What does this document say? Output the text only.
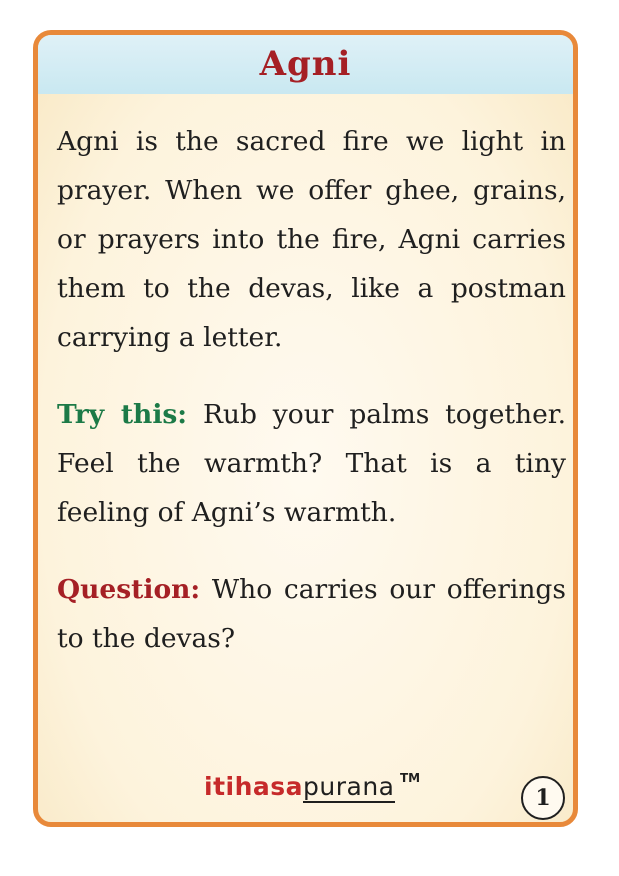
Agni

Agni is the sacred fire we light in prayer. When we offer ghee, grains, or prayers into the fire, Agni carries them to the devas, like a postman carrying a letter.

Try this: Rub your palms together. Feel the warmth? That is a tiny feeling of Agni’s warmth.

Question: Who carries our offerings to the devas?

itihasapurana TM
1
